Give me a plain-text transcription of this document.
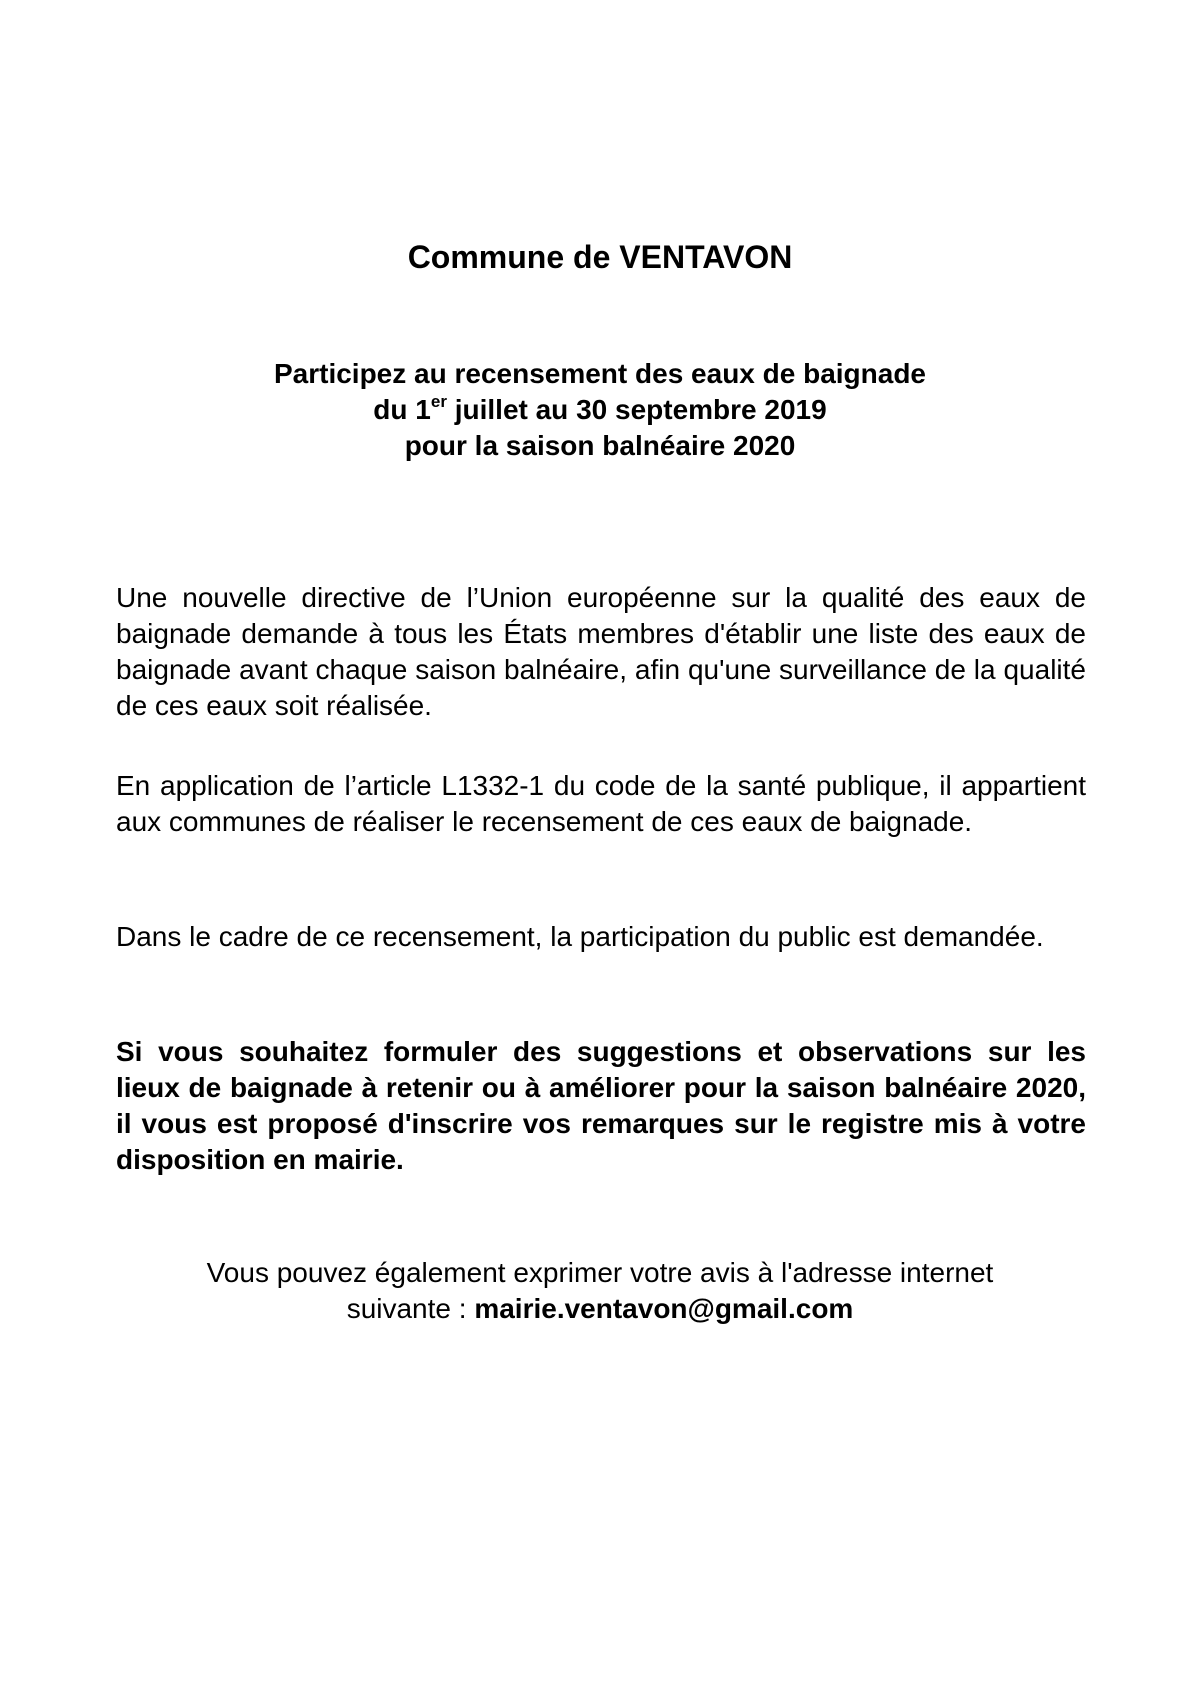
Commune de VENTAVON
Participez au recensement des eaux de baignade
du 1er juillet au 30 septembre 2019
pour la saison balnéaire 2020

Une nouvelle directive de l’Union européenne sur la qualité des eaux de baignade demande à tous les États membres d'établir une liste des eaux de baignade avant chaque saison balnéaire, afin qu'une surveillance de la qualité de ces eaux soit réalisée.

En application de l’article L1332-1 du code de la santé publique, il appartient aux communes de réaliser le recensement de ces eaux de baignade.

Dans le cadre de ce recensement, la participation du public est demandée.

Si vous souhaitez formuler des suggestions et observations sur les lieux de baignade à retenir ou à améliorer pour la saison balnéaire 2020, il vous est proposé d'inscrire vos remarques sur le registre mis à votre disposition en mairie.

Vous pouvez également exprimer votre avis à l'adresse internet
suivante : mairie.ventavon@gmail.com
